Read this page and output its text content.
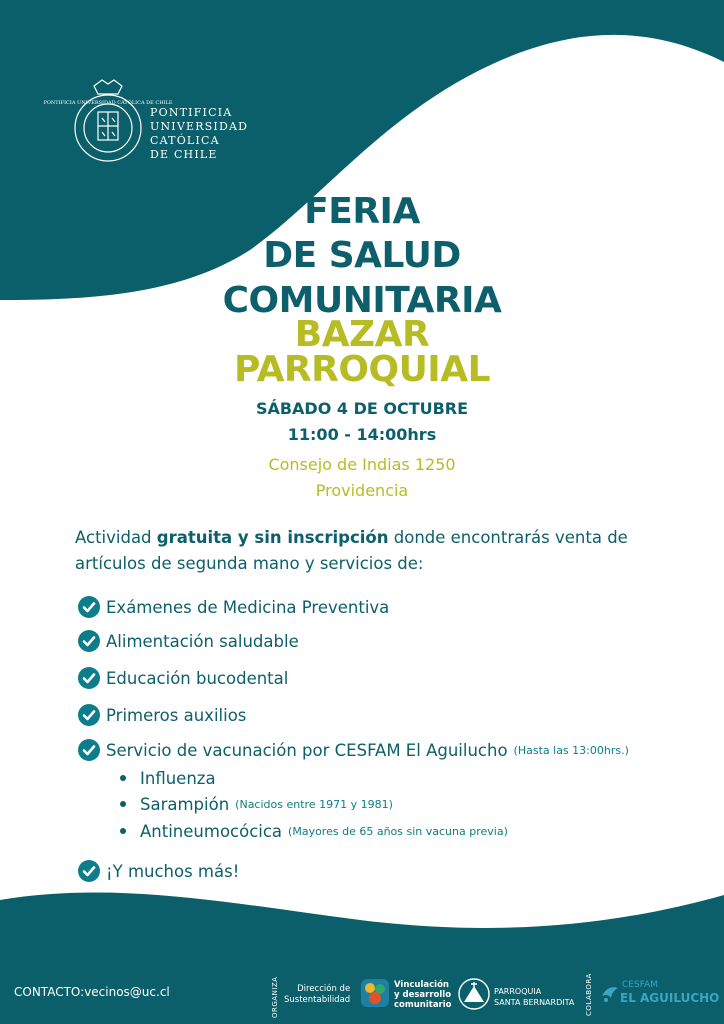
PONTIFICIA UNIVERSIDAD CATÓLICA DE CHILE
PONTIFICIA
UNIVERSIDAD
CATÓLICA
DE CHILE
FERIA
DE SALUD
COMUNITARIA
BAZAR
PARROQUIAL
SÁBADO 4 DE OCTUBRE
11:00 - 14:00hrs
Consejo de Indias 1250
Providencia
Actividad gratuita y sin inscripción donde encontrarás venta de artículos de segunda mano y servicios de:
Exámenes de Medicina Preventiva
Alimentación saludable
Educación bucodental
Primeros auxilios
Servicio de vacunación por CESFAM El Aguilucho (Hasta las 13:00hrs.)
Influenza
Sarampión (Nacidos entre 1971 y 1981)
Antineumocócica (Mayores de 65 años sin vacuna previa)
¡Y muchos más!
CONTACTO:vecinos@uc.cl	ORGANIZA	Dirección de
Sustentabilidad
Vinculación
y desarrollo
comunitario
PARROQUIA
SANTA BERNARDITA COLABORA	CESFAM
EL AGUILUCHO
